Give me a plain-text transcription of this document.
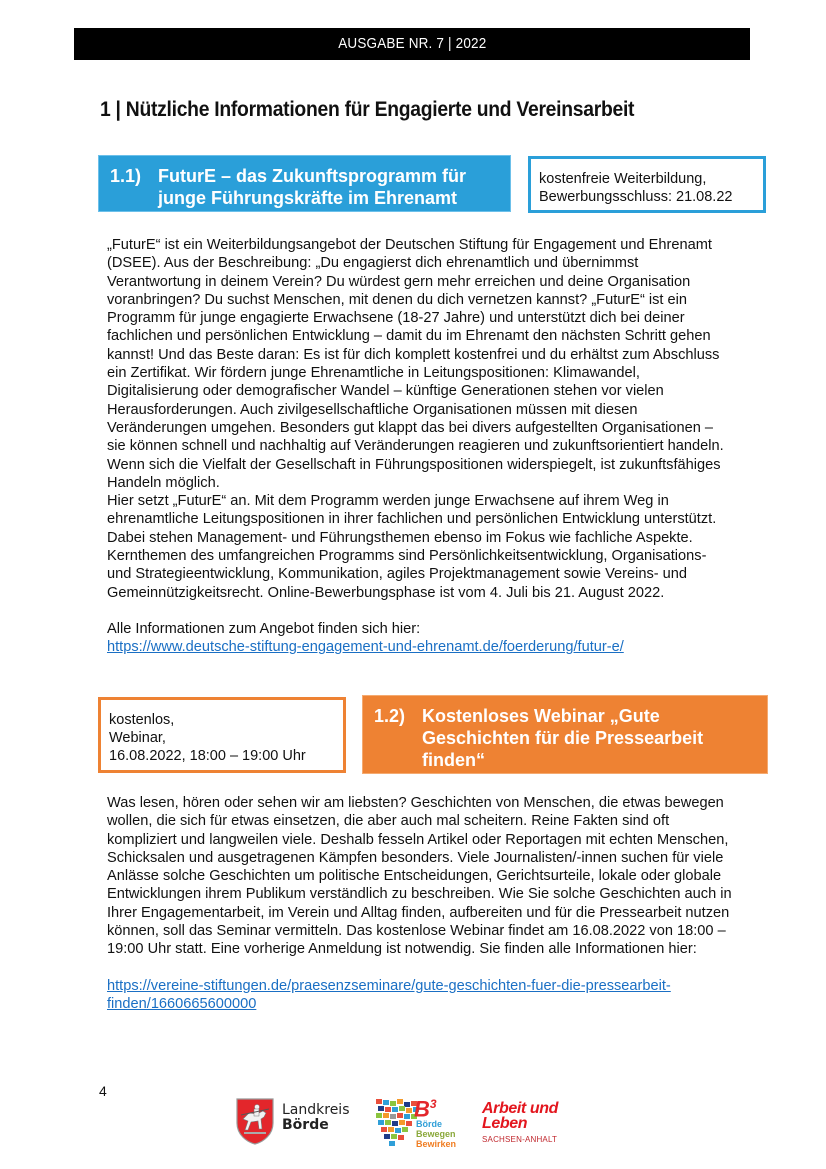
AUSGABE NR. 7 | 2022
1 | Nützliche Informationen für Engagierte und Vereinsarbeit
1.1) FuturE – das Zukunftsprogramm für
junge Führungskräfte im Ehrenamt
kostenfreie Weiterbildung,
Bewerbungsschluss: 21.08.22

„FuturE“ ist ein Weiterbildungsangebot der Deutschen Stiftung für Engagement und Ehrenamt
(DSEE). Aus der Beschreibung: „Du engagierst dich ehrenamtlich und übernimmst
Verantwortung in deinem Verein? Du würdest gern mehr erreichen und deine Organisation
voranbringen? Du suchst Menschen, mit denen du dich vernetzen kannst? „FuturE“ ist ein
Programm für junge engagierte Erwachsene (18-27 Jahre) und unterstützt dich bei deiner
fachlichen und persönlichen Entwicklung – damit du im Ehrenamt den nächsten Schritt gehen
kannst! Und das Beste daran: Es ist für dich komplett kostenfrei und du erhältst zum Abschluss
ein Zertifikat. Wir fördern junge Ehrenamtliche in Leitungspositionen: Klimawandel,
Digitalisierung oder demografischer Wandel – künftige Generationen stehen vor vielen
Herausforderungen. Auch zivilgesellschaftliche Organisationen müssen mit diesen
Veränderungen umgehen. Besonders gut klappt das bei divers aufgestellten Organisationen –
sie können schnell und nachhaltig auf Veränderungen reagieren und zukunftsorientiert handeln.
Wenn sich die Vielfalt der Gesellschaft in Führungspositionen widerspiegelt, ist zukunftsfähiges
Handeln möglich.
Hier setzt „FuturE“ an. Mit dem Programm werden junge Erwachsene auf ihrem Weg in
ehrenamtliche Leitungspositionen in ihrer fachlichen und persönlichen Entwicklung unterstützt.
Dabei stehen Management- und Führungsthemen ebenso im Fokus wie fachliche Aspekte.
Kernthemen des umfangreichen Programms sind Persönlichkeitsentwicklung, Organisations-
und Strategieentwicklung, Kommunikation, agiles Projektmanagement sowie Vereins- und
Gemeinnützigkeitsrecht. Online-Bewerbungsphase ist vom 4. Juli bis 21. August 2022.

Alle Informationen zum Angebot finden sich hier:
https://www.deutsche-stiftung-engagement-und-ehrenamt.de/foerderung/futur-e/

kostenlos,
Webinar,
16.08.2022, 18:00 – 19:00 Uhr
1.2) Kostenloses Webinar „Gute
Geschichten für die Pressearbeit
finden“

Was lesen, hören oder sehen wir am liebsten? Geschichten von Menschen, die etwas bewegen
wollen, die sich für etwas einsetzen, die aber auch mal scheitern. Reine Fakten sind oft
kompliziert und langweilen viele. Deshalb fesseln Artikel oder Reportagen mit echten Menschen,
Schicksalen und ausgetragenen Kämpfen besonders. Viele Journalisten/-innen suchen für viele
Anlässe solche Geschichten um politische Entscheidungen, Gerichtsurteile, lokale oder globale
Entwicklungen ihrem Publikum verständlich zu beschreiben. Wie Sie solche Geschichten auch in
Ihrer Engagementarbeit, im Verein und Alltag finden, aufbereiten und für die Pressearbeit nutzen
können, soll das Seminar vermitteln. Das kostenlose Webinar findet am 16.08.2022 von 18:00 –
19:00 Uhr statt. Eine vorherige Anmeldung ist notwendig. Sie finden alle Informationen hier:

https://vereine-stiftungen.de/praesenzseminare/gute-geschichten-fuer-die-pressearbeit-
finden/1660665600000

4
Landkreis
Börde
$B^3$
Börde
Bewegen
Bewirken
Arbeit und
Leben
SACHSEN-ANHALT
